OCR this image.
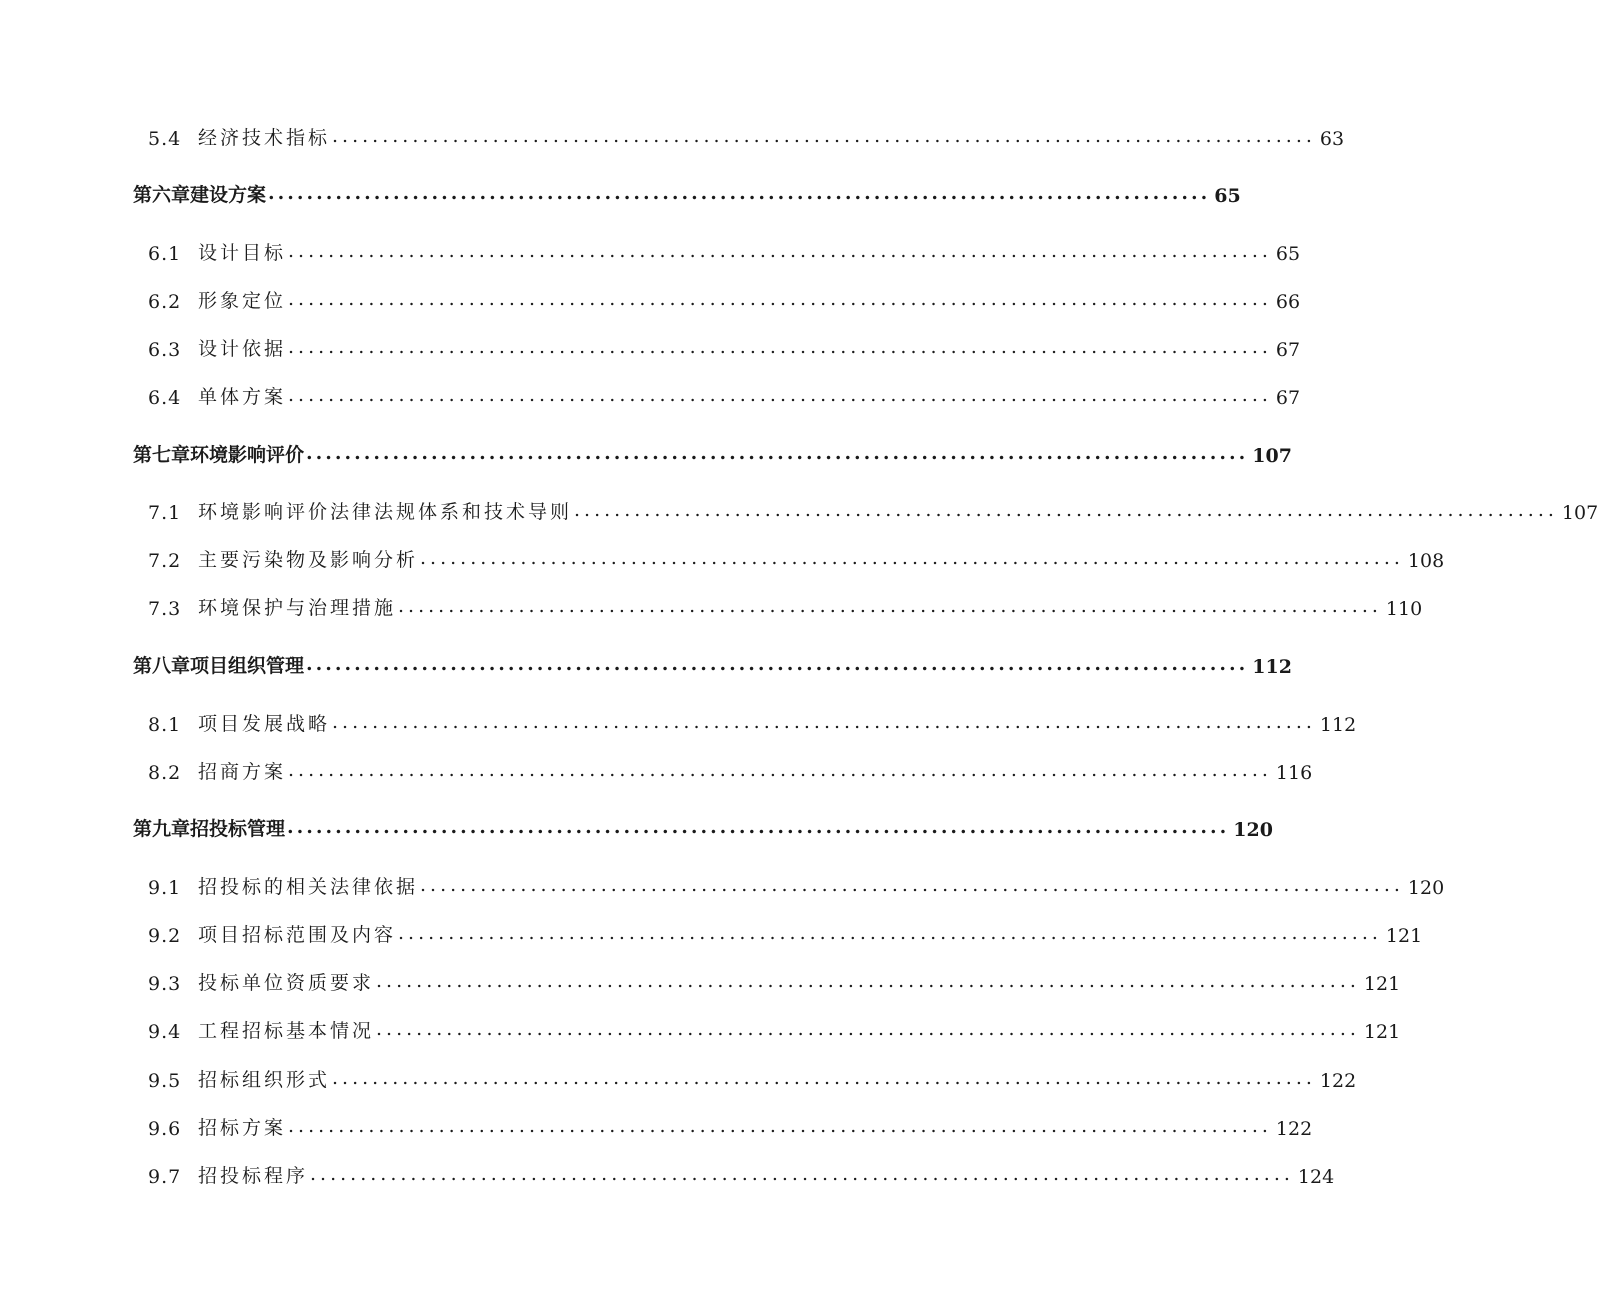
5.4 经济技术指标 .................................................................................................. 63
第六章建设方案 .................................................................................................. 65
6.1 设计目标 .................................................................................................. 65
6.2 形象定位 .................................................................................................. 66
6.3 设计依据 .................................................................................................. 67
6.4 单体方案 .................................................................................................. 67
第七章环境影响评价 .................................................................................................. 107
7.1 环境影响评价法律法规体系和技术导则 .................................................................................................. 107
7.2 主要污染物及影响分析 .................................................................................................. 108
7.3 环境保护与治理措施 .................................................................................................. 110
第八章项目组织管理 .................................................................................................. 112
8.1 项目发展战略 .................................................................................................. 112
8.2 招商方案 .................................................................................................. 116
第九章招投标管理 .................................................................................................. 120
9.1 招投标的相关法律依据 .................................................................................................. 120
9.2 项目招标范围及内容 .................................................................................................. 121
9.3 投标单位资质要求 .................................................................................................. 121
9.4 工程招标基本情况 .................................................................................................. 121
9.5 招标组织形式 .................................................................................................. 122
9.6 招标方案 .................................................................................................. 122
9.7 招投标程序 .................................................................................................. 124
